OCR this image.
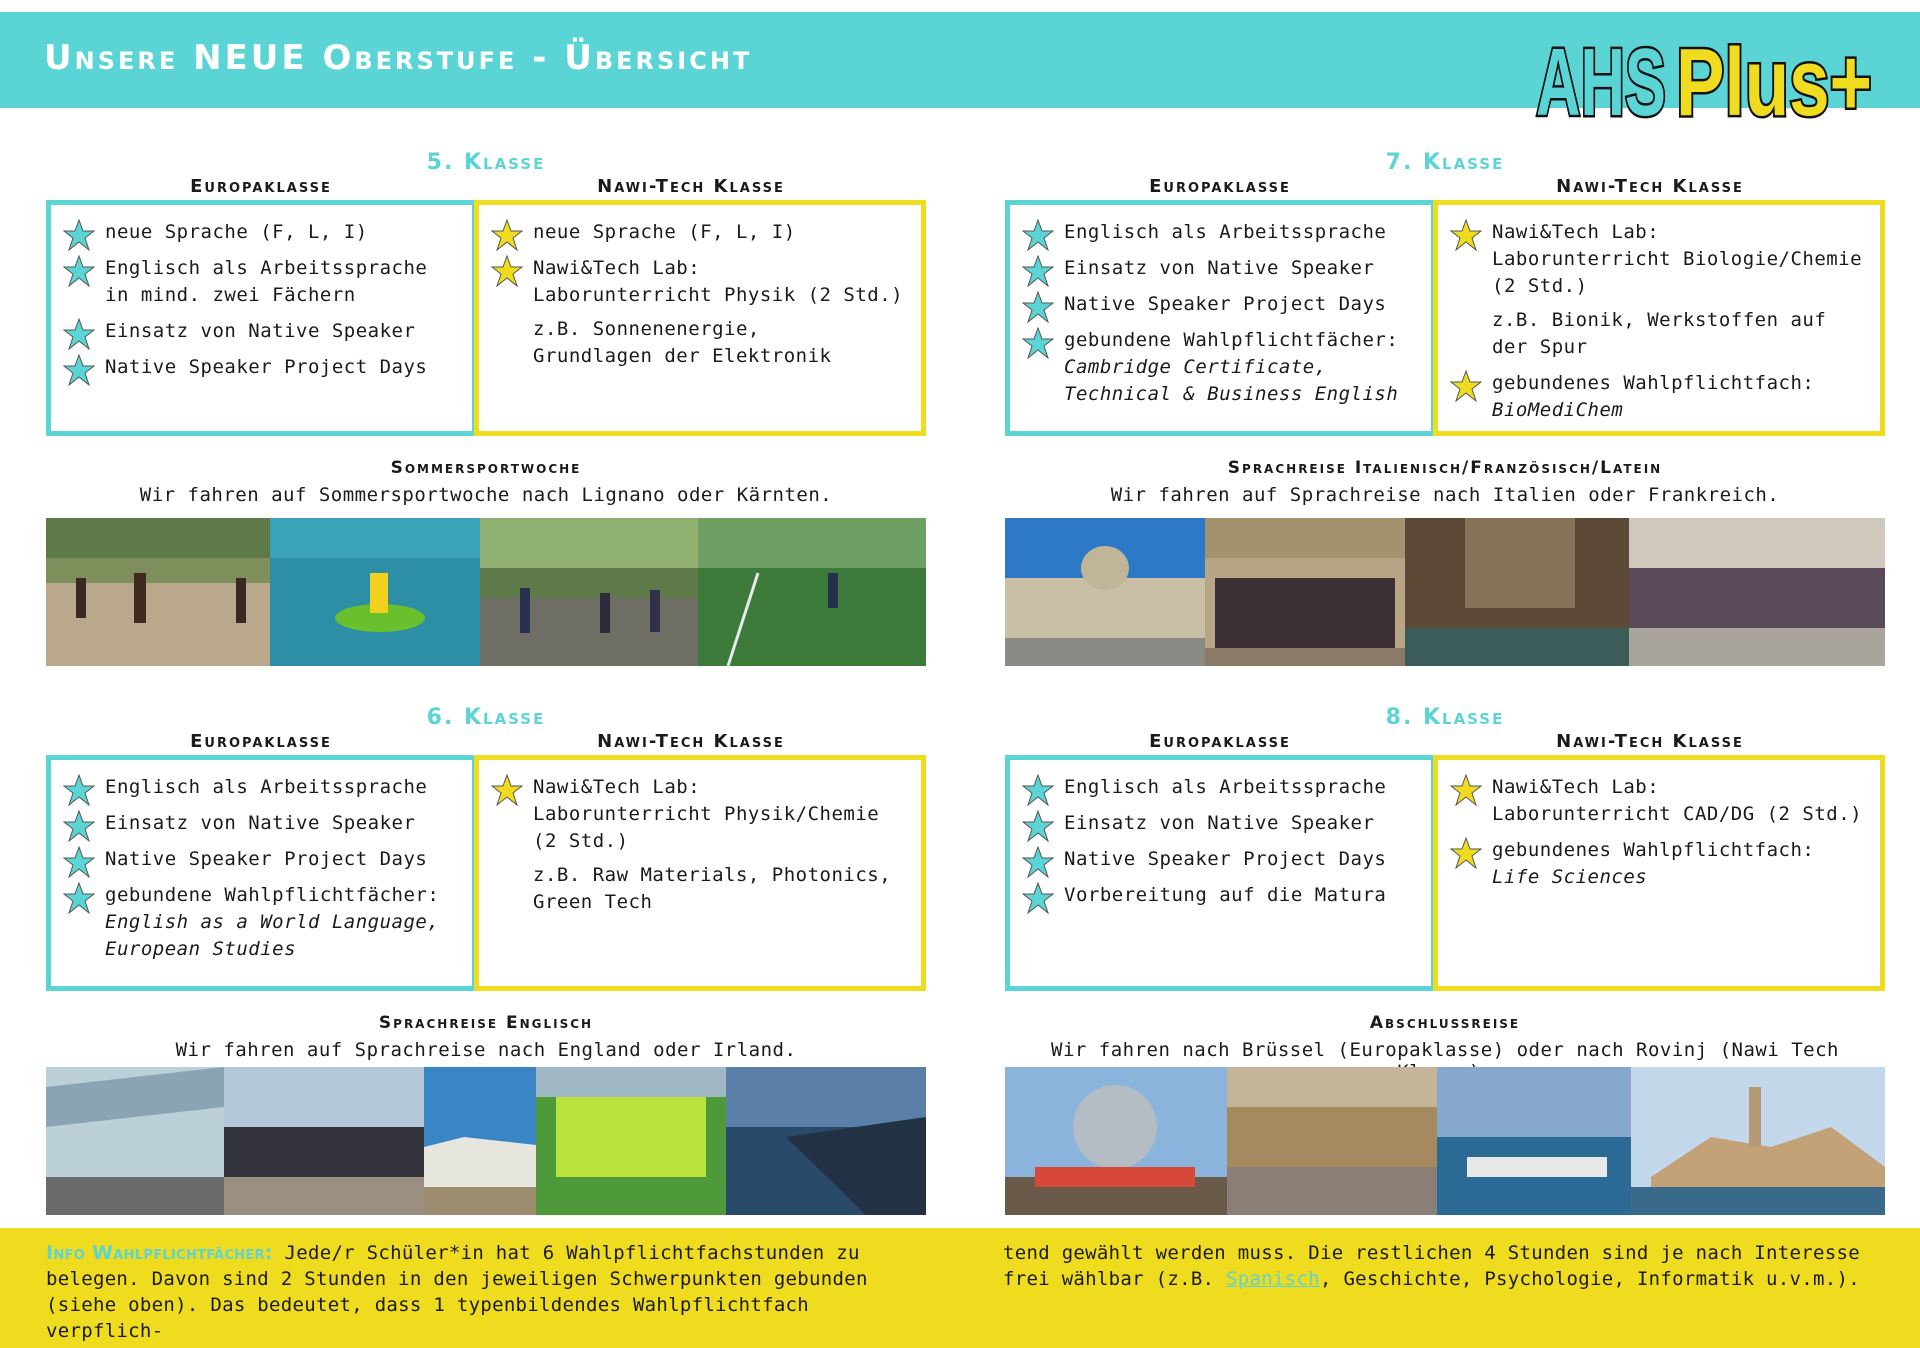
Unsere NEUE Oberstufe - Übersicht	AHS Plus+
5. Klasse
Europaklasse	Nawi-Tech Klasse
neue Sprache (F, L, I)
Englisch als Arbeitssprache
in mind. zwei Fächern
Einsatz von Native Speaker
Native Speaker Project Days
neue Sprache (F, L, I)
Nawi&Tech Lab:
Laborunterricht Physik (2 Std.)
z.B. Sonnenenergie,
Grundlagen der Elektronik
Sommersportwoche
Wir fahren auf Sommersportwoche nach Lignano oder Kärnten.
7. Klasse
Europaklasse	Nawi-Tech Klasse
Englisch als Arbeitssprache
Einsatz von Native Speaker
Native Speaker Project Days
gebundene Wahlpflichtfächer:
Cambridge Certificate,
Technical & Business English
Nawi&Tech Lab:
Laborunterricht Biologie/Chemie
(2 Std.)
z.B. Bionik, Werkstoffen auf
der Spur
gebundenes Wahlpflichtfach:
BioMediChem
Sprachreise Italienisch/Französisch/Latein
Wir fahren auf Sprachreise nach Italien oder Frankreich.
6. Klasse
Europaklasse	Nawi-Tech Klasse
Englisch als Arbeitssprache
Einsatz von Native Speaker
Native Speaker Project Days
gebundene Wahlpflichtfächer:
English as a World Language,
European Studies
Nawi&Tech Lab:
Laborunterricht Physik/Chemie
(2 Std.)
z.B. Raw Materials, Photonics,
Green Tech
Sprachreise Englisch
Wir fahren auf Sprachreise nach England oder Irland.
8. Klasse
Europaklasse	Nawi-Tech Klasse
Englisch als Arbeitssprache
Einsatz von Native Speaker
Native Speaker Project Days
Vorbereitung auf die Matura
Nawi&Tech Lab:
Laborunterricht CAD/DG (2 Std.)
gebundenes Wahlpflichtfach:
Life Sciences
Abschlussreise
Wir fahren nach Brüssel (Europaklasse) oder nach Rovinj (Nawi Tech
Info Wahlpflichtfächer: Jede/r Schüler*in hat 6 Wahlpflichtfachstunden zu belegen. Davon sind 2 Stunden in den jeweiligen Schwerpunkten gebunden (siehe oben). Das bedeutet, dass 1 typenbildendes Wahlpflichtfach verpflich-
tend gewählt werden muss. Die restlichen 4 Stunden sind je nach Interesse frei wählbar (z.B. Spanisch, Geschichte, Psychologie, Informatik u.v.m.).
